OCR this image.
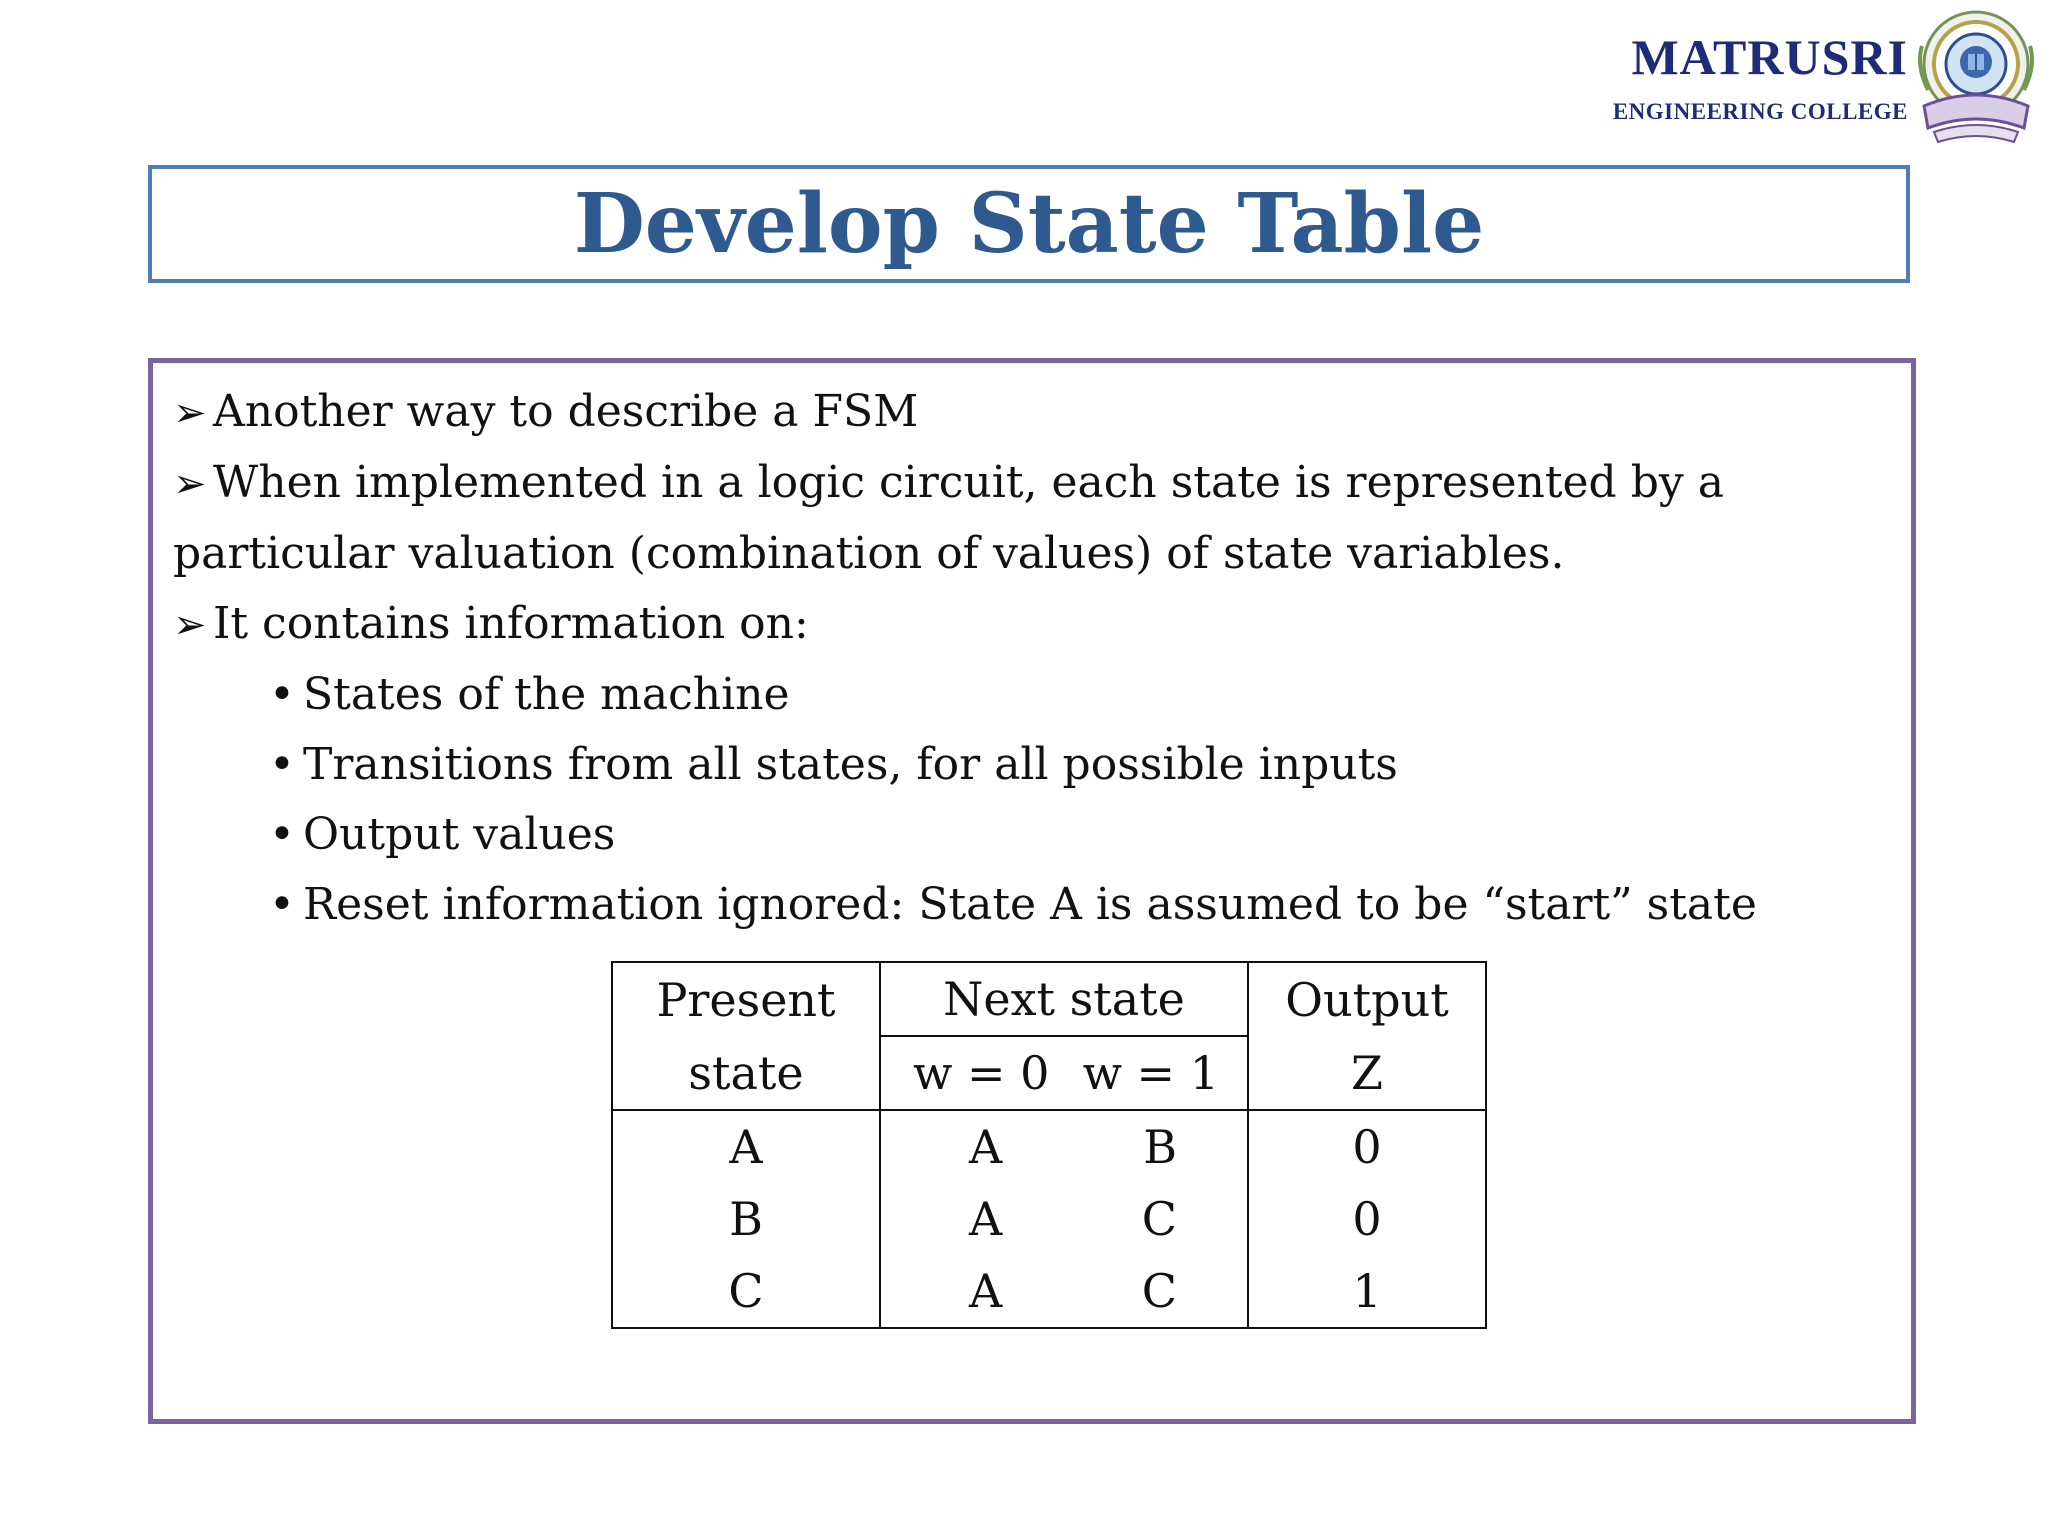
MATRUSRI
ENGINEERING COLLEGE
Develop State Table

➢ Another way to describe a FSM

➢ When implemented in a logic circuit, each state is represented by a particular valuation (combination of values) of state variables.

➢ It contains information on:

• States of the machine
• Transitions from all states, for all possible inputs
• Output values
• Reset information ignored: State A is assumed to be “start” state
Present	Next state	Output
state	w = 0 w = 1	Z
A	A B	0
B	A C	0
C	A C	1
